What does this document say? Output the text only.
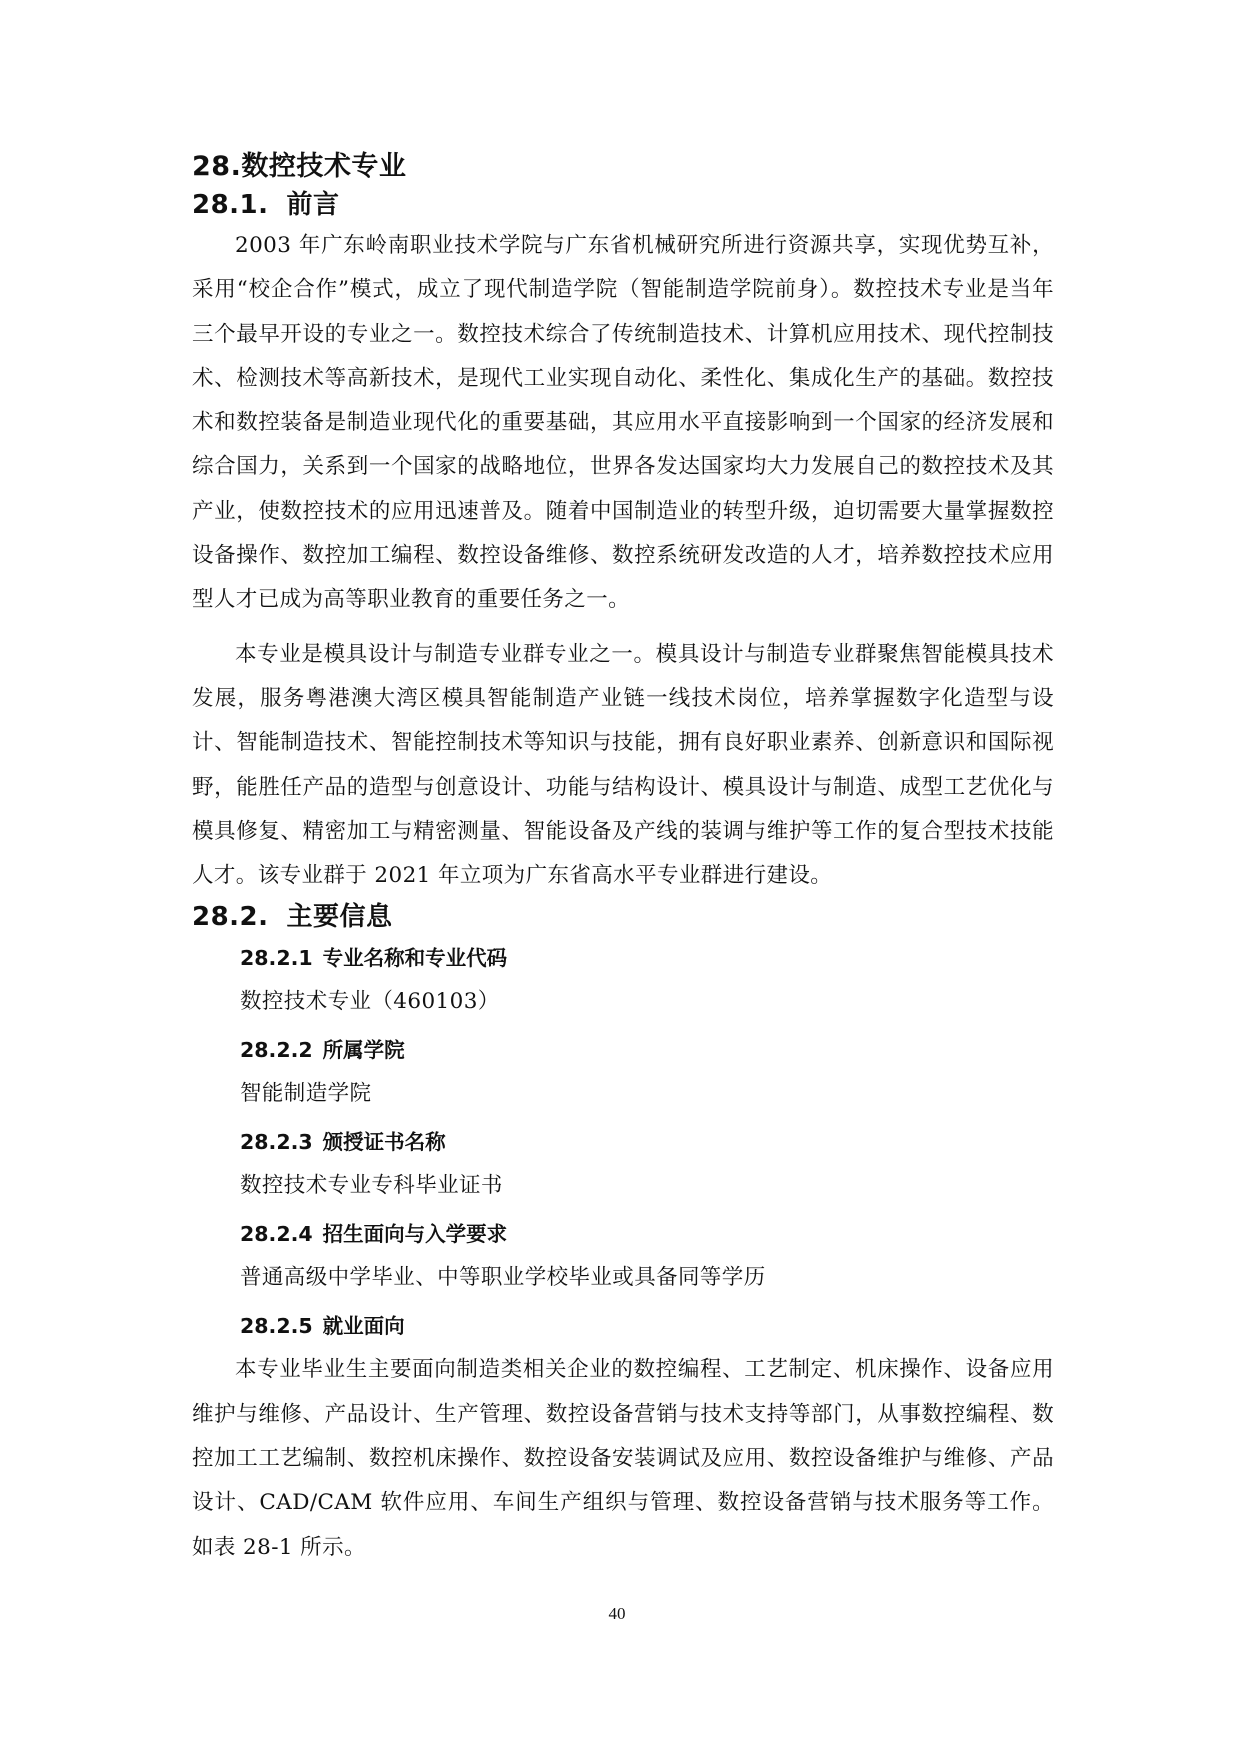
28.数控技术专业
28.1. 前言

2003 年广东岭南职业技术学院与广东省机械研究所进行资源共享，实现优势互补，采用“校企合作”模式，成立了现代制造学院（智能制造学院前身）。数控技术专业是当年三个最早开设的专业之一。数控技术综合了传统制造技术、计算机应用技术、现代控制技术、检测技术等高新技术，是现代工业实现自动化、柔性化、集成化生产的基础。数控技术和数控装备是制造业现代化的重要基础，其应用水平直接影响到一个国家的经济发展和综合国力，关系到一个国家的战略地位，世界各发达国家均大力发展自己的数控技术及其产业，使数控技术的应用迅速普及。随着中国制造业的转型升级，迫切需要大量掌握数控设备操作、数控加工编程、数控设备维修、数控系统研发改造的人才，培养数控技术应用型人才已成为高等职业教育的重要任务之一。

本专业是模具设计与制造专业群专业之一。模具设计与制造专业群聚焦智能模具技术发展，服务粤港澳大湾区模具智能制造产业链一线技术岗位，培养掌握数字化造型与设计、智能制造技术、智能控制技术等知识与技能，拥有良好职业素养、创新意识和国际视野，能胜任产品的造型与创意设计、功能与结构设计、模具设计与制造、成型工艺优化与模具修复、精密加工与精密测量、智能设备及产线的装调与维护等工作的复合型技术技能人才。该专业群于 2021 年立项为广东省高水平专业群进行建设。

28.2. 主要信息
28.2.1 专业名称和专业代码

数控技术专业（460103）

28.2.2 所属学院

智能制造学院

28.2.3 颁授证书名称

数控技术专业专科毕业证书

28.2.4 招生面向与入学要求

普通高级中学毕业、中等职业学校毕业或具备同等学历

28.2.5 就业面向

本专业毕业生主要面向制造类相关企业的数控编程、工艺制定、机床操作、设备应用维护与维修、产品设计、生产管理、数控设备营销与技术支持等部门，从事数控编程、数控加工工艺编制、数控机床操作、数控设备安装调试及应用、数控设备维护与维修、产品设计、CAD/CAM 软件应用、车间生产组织与管理、数控设备营销与技术服务等工作。如表 28-1 所示。

40
